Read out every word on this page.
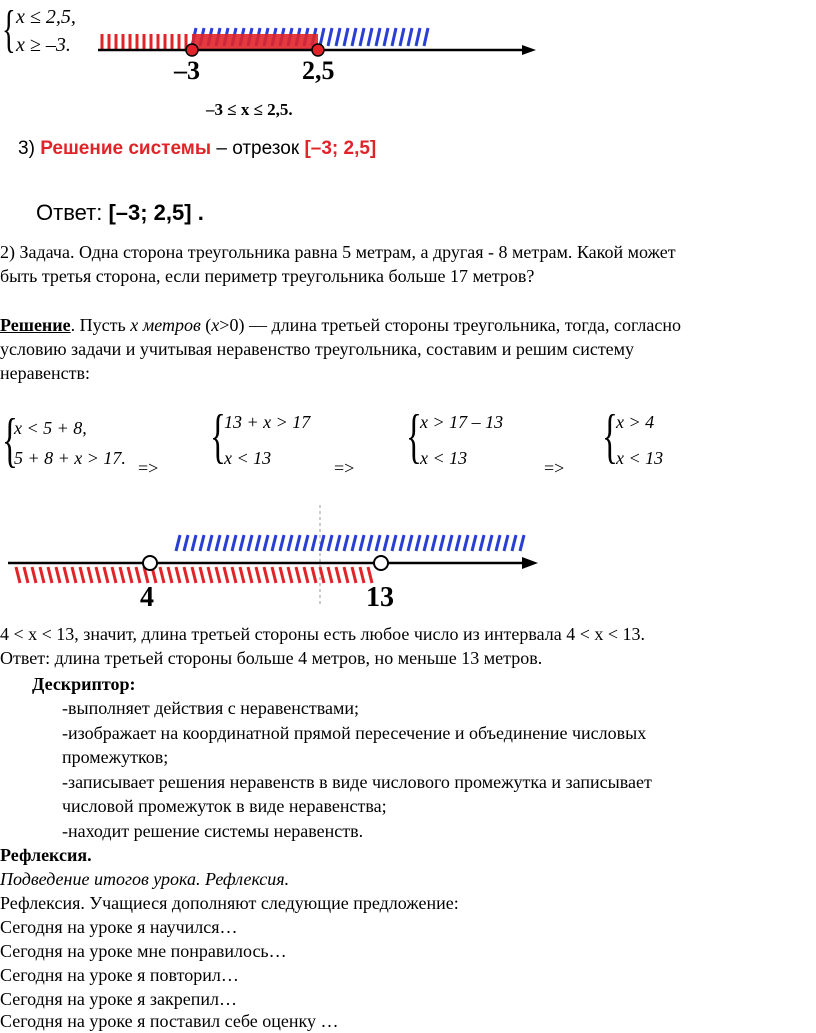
{ x ≤ 2,5,
x ≥ –3.
–3	2,5
–3 ≤ x ≤ 2,5.
3) Решение системы – отрезок [–3; 2,5]
Ответ: [–3; 2,5] .
2) Задача. Одна сторона треугольника равна 5 метрам, а другая - 8 метрам. Какой может
быть третья сторона, если периметр треугольника больше 17 метров?
Решение. Пусть x метров (x>0) — длина третьей стороны треугольника, тогда, согласно
условию задачи и учитывая неравенство треугольника, составим и решим систему
неравенств:
{
x < 5 + 8,
5 + 8 + x > 17. => {
13 + x > 17
x < 13	=> {
x > 17 – 13
x < 13	=> {
x > 4
x < 13
4	13
4 < x < 13, значит, длина третьей стороны есть любое число из интервала 4 < x < 13.
Ответ: длина третьей стороны больше 4 метров, но меньше 13 метров.
Дескриптор:
-выполняет действия с неравенствами;
-изображает на координатной прямой пересечение и объединение числовых
промежутков;
-записывает решения неравенств в виде числового промежутка и записывает
числовой промежуток в виде неравенства;
-находит решение системы неравенств.
Рефлексия.
Подведение итогов урока. Рефлексия.
Рефлексия. Учащиеся дополняют следующие предложение:
Сегодня на уроке я научился…
Сегодня на уроке мне понравилось…
Сегодня на уроке я повторил…
Сегодня на уроке я закрепил…
Сегодня на уроке я поставил себе оценку …
